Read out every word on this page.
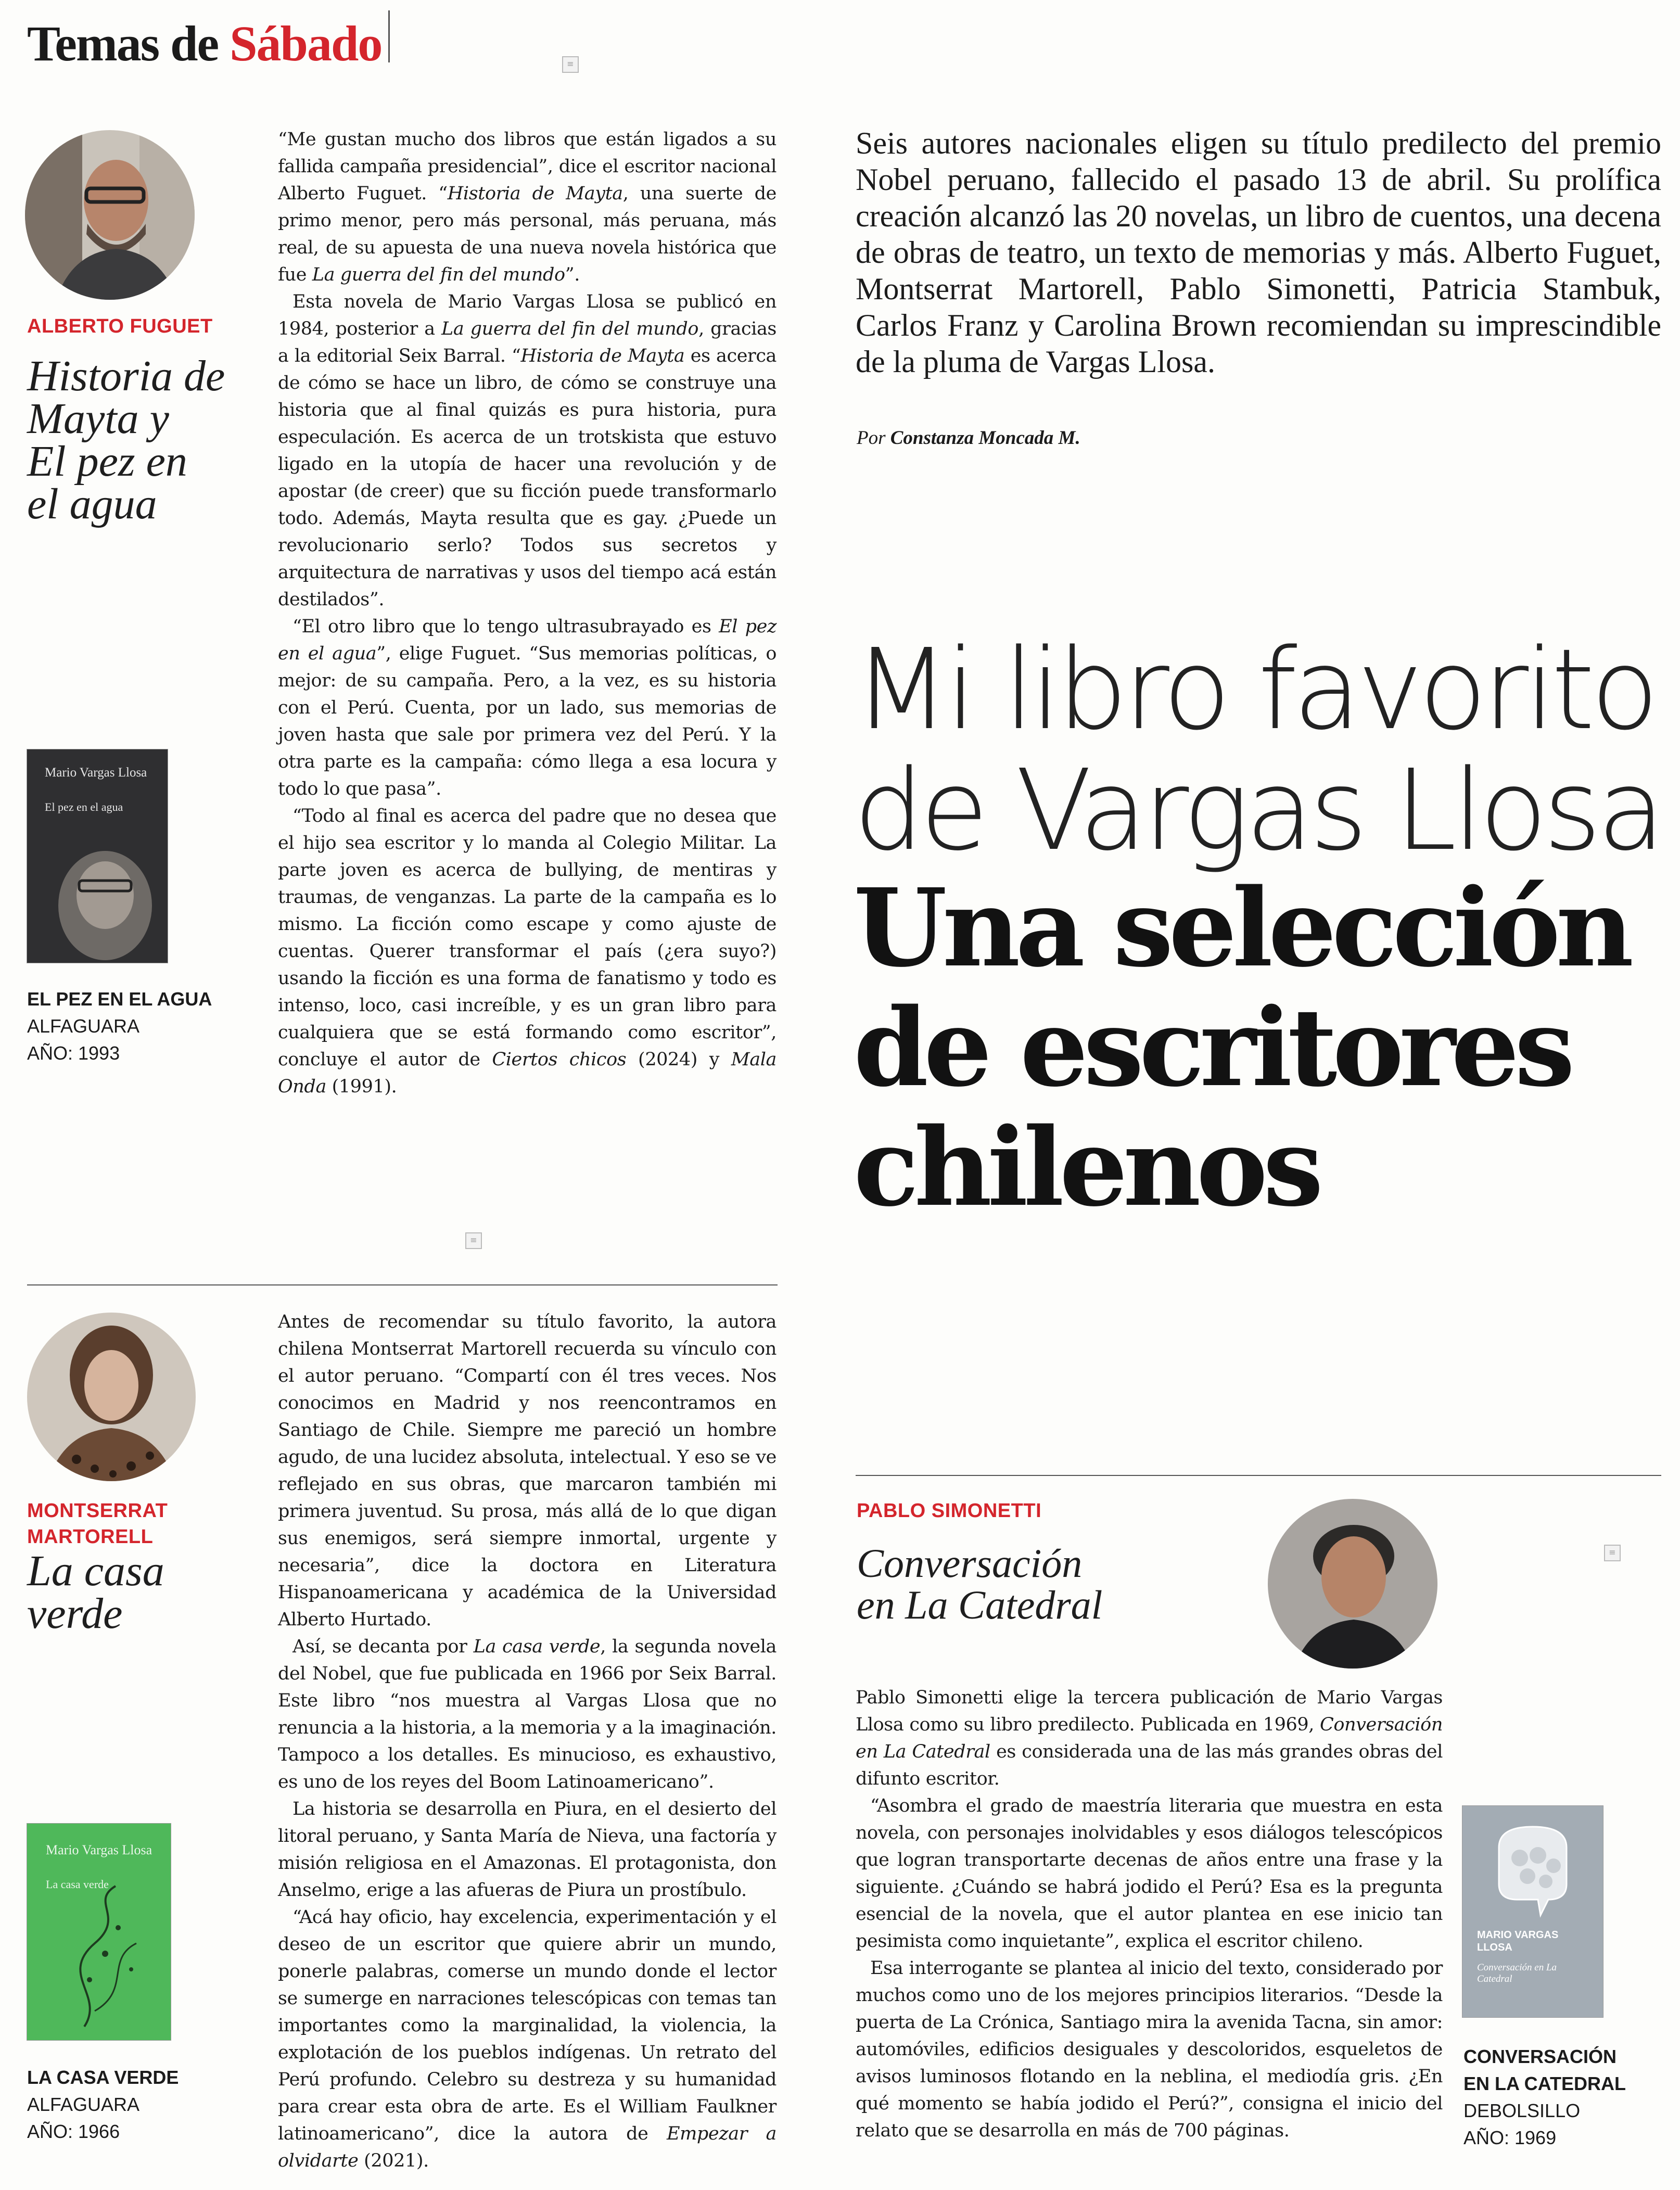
Temas de Sábado	≡
Seis autores nacionales eligen su título predilecto del premio Nobel peruano, fallecido el pasado 13 de abril. Su prolífica creación alcanzó las 20 novelas, un libro de cuentos, una decena de obras de teatro, un texto de memorias y más. Alberto Fuguet, Montserrat Martorell, Pablo Simonetti, Patricia Stambuk, Carlos Franz y Carolina Brown recomiendan su imprescindible de la pluma de Vargas Llosa.
Por Constanza Moncada M.
Mi libro favorito
de Vargas Llosa
Una selección
de escritores
chilenos
ALBERTO FUGUET
Historia de
Mayta y
El pez en
el agua
Mario Vargas Llosa
El pez en el agua
EL PEZ EN EL AGUA
ALFAGUARA
AÑO: 1993

“Me gustan mucho dos libros que están ligados a su fallida campaña presidencial”, dice el escritor nacional Alberto Fuguet. “Historia de Mayta, una suerte de primo menor, pero más personal, más peruana, más real, de su apuesta de una nueva novela histórica que fue La guerra del fin del mundo”.

Esta novela de Mario Vargas Llosa se publicó en 1984, posterior a La guerra del fin del mundo, gracias a la editorial Seix Barral. “Historia de Mayta es acerca de cómo se hace un libro, de cómo se construye una historia que al final quizás es pura historia, pura especulación. Es acerca de un trotskista que estuvo ligado en la utopía de hacer una revolución y de apostar (de creer) que su ficción puede transformarlo todo. Además, Mayta resulta que es gay. ¿Puede un revolucionario serlo? Todos sus secretos y arquitectura de narrativas y usos del tiempo acá están destilados”.

“El otro libro que lo tengo ultrasubrayado es El pez en el agua”, elige Fuguet. “Sus memorias políticas, o mejor: de su campaña. Pero, a la vez, es su historia con el Perú. Cuenta, por un lado, sus memorias de joven hasta que sale por primera vez del Perú. Y la otra parte es la campaña: cómo llega a esa locura y todo lo que pasa”.

“Todo al final es acerca del padre que no desea que el hijo sea escritor y lo manda al Colegio Militar. La parte joven es acerca de bullying, de mentiras y traumas, de venganzas. La parte de la campaña es lo mismo. La ficción como escape y como ajuste de cuentas. Querer transformar el país (¿era suyo?) usando la ficción es una forma de fanatismo y todo es intenso, loco, casi increíble, y es un gran libro para cualquiera que se está formando como escritor”, concluye el autor de Ciertos chicos (2024) y Mala Onda (1991).

≡
MONTSERRAT
MARTORELL
La casa
verde
Mario Vargas Llosa
La casa verde
LA CASA VERDE
ALFAGUARA
AÑO: 1966

Antes de recomendar su título favorito, la autora chilena Montserrat Martorell recuerda su vínculo con el autor peruano. “Compartí con él tres veces. Nos conocimos en Madrid y nos reencontramos en Santiago de Chile. Siempre me pareció un hombre agudo, de una lucidez absoluta, intelectual. Y eso se ve reflejado en sus obras, que marcaron también mi primera juventud. Su prosa, más allá de lo que digan sus enemigos, será siempre inmortal, urgente y necesaria”, dice la doctora en Literatura Hispanoamericana y académica de la Universidad Alberto Hurtado.

Así, se decanta por La casa verde, la segunda novela del Nobel, que fue publicada en 1966 por Seix Barral. Este libro “nos muestra al Vargas Llosa que no renuncia a la historia, a la memoria y a la imaginación. Tampoco a los detalles. Es minucioso, es exhaustivo, es uno de los reyes del Boom Latinoamericano”.

La historia se desarrolla en Piura, en el desierto del litoral peruano, y Santa María de Nieva, una factoría y misión religiosa en el Amazonas. El protagonista, don Anselmo, erige a las afueras de Piura un prostíbulo.

“Acá hay oficio, hay excelencia, experimentación y el deseo de un escritor que quiere abrir un mundo, ponerle palabras, comerse un mundo donde el lector se sumerge en narraciones telescópicas con temas tan importantes como la marginalidad, la violencia, la explotación de los pueblos indígenas. Un retrato del Perú profundo. Celebro su destreza y su humanidad para crear esta obra de arte. Es el William Faulkner latinoamericano”, dice la autora de Empezar a olvidarte (2021).

PABLO SIMONETTI
Conversación
en La Catedral
≡

Pablo Simonetti elige la tercera publicación de Mario Vargas Llosa como su libro predilecto. Publicada en 1969, Conversación en La Catedral es considerada una de las más grandes obras del difunto escritor.

“Asombra el grado de maestría literaria que muestra en esta novela, con personajes inolvidables y esos diálogos telescópicos que logran transportarte decenas de años entre una frase y la siguiente. ¿Cuándo se habrá jodido el Perú? Esa es la pregunta esencial de la novela, que el autor plantea en ese inicio tan pesimista como inquietante”, explica el escritor chileno.

Esa interrogante se plantea al inicio del texto, considerado por muchos como uno de los mejores principios literarios. “Desde la puerta de La Crónica, Santiago mira la avenida Tacna, sin amor: automóviles, edificios desiguales y descoloridos, esqueletos de avisos luminosos flotando en la neblina, el mediodía gris. ¿En qué momento se había jodido el Perú?”, consigna el inicio del relato que se desarrolla en más de 700 páginas.

MARIO VARGAS LLOSA
Conversación en La Catedral
CONVERSACIÓN
EN LA CATEDRAL
DEBOLSILLO
AÑO: 1969
